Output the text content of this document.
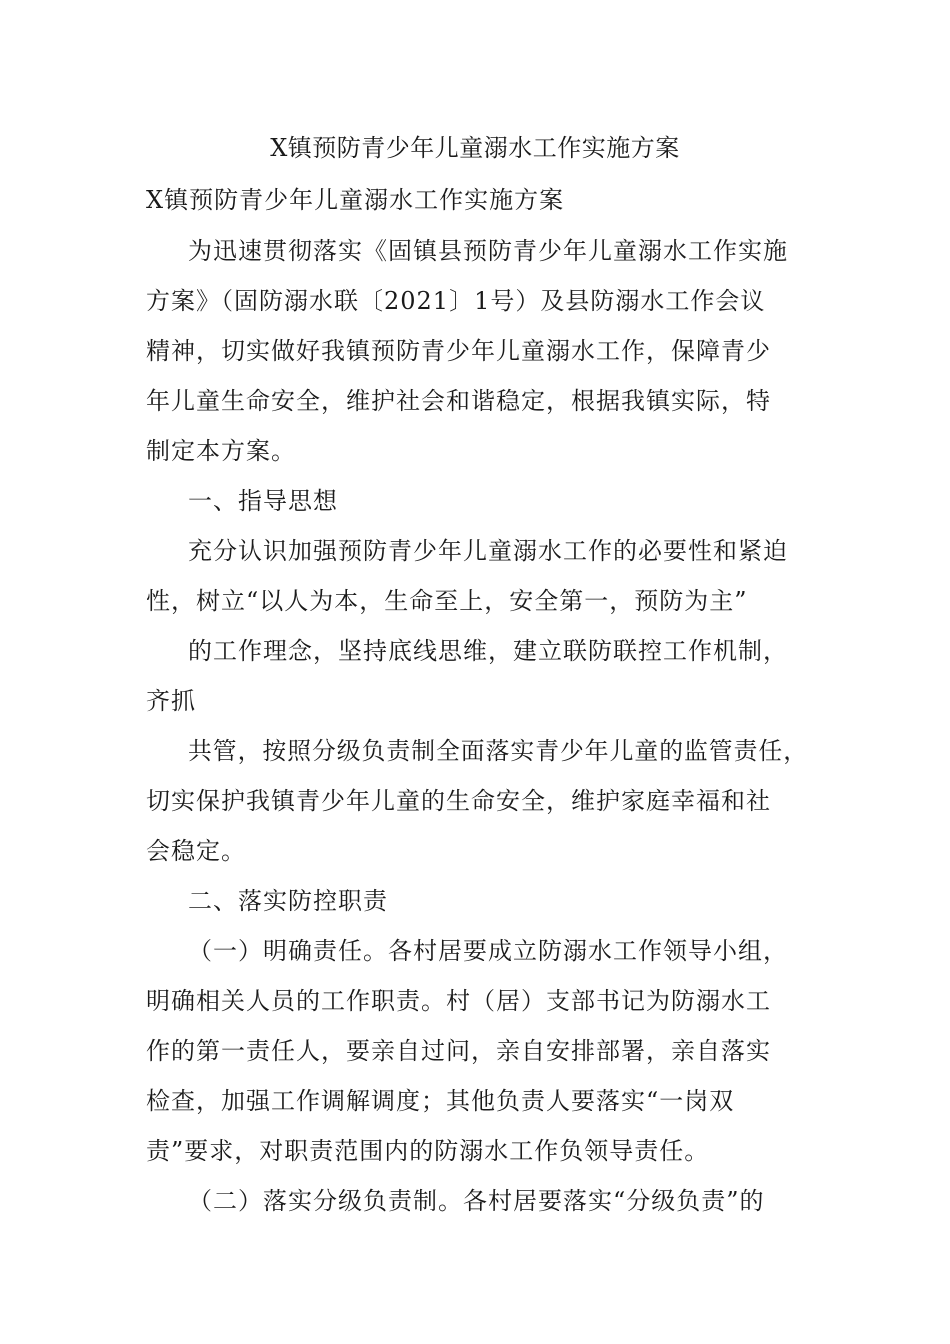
X镇预防青少年儿童溺水工作实施方案

X镇预防青少年儿童溺水工作实施方案

为迅速贯彻落实《固镇县预防青少年儿童溺水工作实施

方案》（固防溺水联〔2021〕1号）及县防溺水工作会议

精神，切实做好我镇预防青少年儿童溺水工作，保障青少

年儿童生命安全，维护社会和谐稳定，根据我镇实际，特

制定本方案。

一、指导思想

充分认识加强预防青少年儿童溺水工作的必要性和紧迫

性，树立“以人为本，生命至上，安全第一，预防为主”

的工作理念，坚持底线思维，建立联防联控工作机制，

齐抓

共管，按照分级负责制全面落实青少年儿童的监管责任，

切实保护我镇青少年儿童的生命安全，维护家庭幸福和社

会稳定。

二、落实防控职责

（一）明确责任。各村居要成立防溺水工作领导小组，

明确相关人员的工作职责。村（居）支部书记为防溺水工

作的第一责任人，要亲自过问，亲自安排部署，亲自落实

检查，加强工作调解调度；其他负责人要落实“一岗双

责”要求，对职责范围内的防溺水工作负领导责任。

（二）落实分级负责制。各村居要落实“分级负责”的
